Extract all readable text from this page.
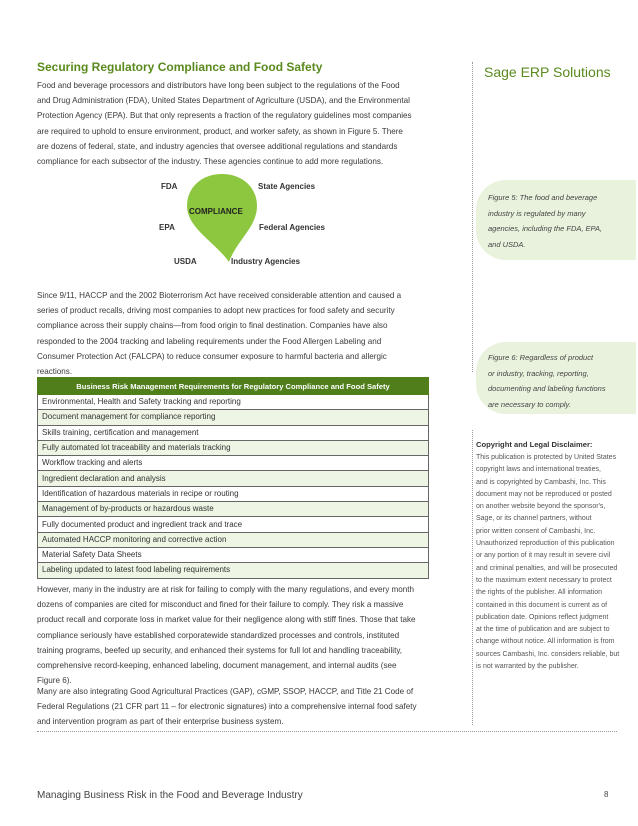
Securing Regulatory Compliance and Food Safety	Sage ERP Solutions
Food and beverage processors and distributors have long been subject to the regulations of the Food
and Drug Administration (FDA), United States Department of Agriculture (USDA), and the Environmental
Protection Agency (EPA). But that only represents a fraction of the regulatory guidelines most companies
are required to uphold to ensure environment, product, and worker safety, as shown in Figure 5. There
are dozens of federal, state, and industry agencies that oversee additional regulations and standards
compliance for each subsector of the industry. These agencies continue to add more regulations.
COMPLIANCE
FDA	State Agencies
EPA	Federal Agencies
USDA	Industry Agencies
Figure 5: The food and beverage
industry is regulated by many
agencies, including the FDA, EPA,
and USDA.
Since 9/11, HACCP and the 2002 Bioterrorism Act have received considerable attention and caused a
series of product recalls, driving most companies to adopt new practices for food safety and security
compliance across their supply chains—from food origin to final destination. Companies have also
responded to the 2004 tracking and labeling requirements under the Food Allergen Labeling and
Consumer Protection Act (FALCPA) to reduce consumer exposure to harmful bacteria and allergic
reactions.
Figure 6: Regardless of product
or industry, tracking, reporting,
documenting and labeling functions
are necessary to comply.
Business Risk Management Requirements for Regulatory Compliance and Food Safety
Environmental, Health and Safety tracking and reporting
Document management for compliance reporting
Skills training, certification and management
Fully automated lot traceability and materials tracking
Workflow tracking and alerts
Ingredient declaration and analysis
Identification of hazardous materials in recipe or routing
Management of by-products or hazardous waste
Fully documented product and ingredient track and trace
Automated HACCP monitoring and corrective action
Material Safety Data Sheets
Labeling updated to latest food labeling requirements
However, many in the industry are at risk for failing to comply with the many regulations, and every month
dozens of companies are cited for misconduct and fined for their failure to comply. They risk a massive
product recall and corporate loss in market value for their negligence along with stiff fines. Those that take
compliance seriously have established corporatewide standardized processes and controls, instituted
training programs, beefed up security, and enhanced their systems for full lot and handling traceability,
comprehensive record-keeping, enhanced labeling, document management, and internal audits (see
Figure 6).
Many are also integrating Good Agricultural Practices (GAP), cGMP, SSOP, HACCP, and Title 21 Code of
Federal Regulations (21 CFR part 11 – for electronic signatures) into a comprehensive internal food safety
and intervention program as part of their enterprise business system.
Copyright and Legal Disclaimer:
This publication is protected by United States
copyright laws and international treaties,
and is copyrighted by Cambashi, Inc. This
document may not be reproduced or posted
on another website beyond the sponsor's,
Sage, or its channel partners, without
prior written consent of Cambashi, Inc.
Unauthorized reproduction of this publication
or any portion of it may result in severe civil
and criminal penalties, and will be prosecuted
to the maximum extent necessary to protect
the rights of the publisher. All information
contained in this document is current as of
publication date. Opinions reflect judgment
at the time of publication and are subject to
change without notice. All information is from
sources Cambashi, Inc. considers reliable, but
is not warranted by the publisher.
Managing Business Risk in the Food and Beverage Industry	8
